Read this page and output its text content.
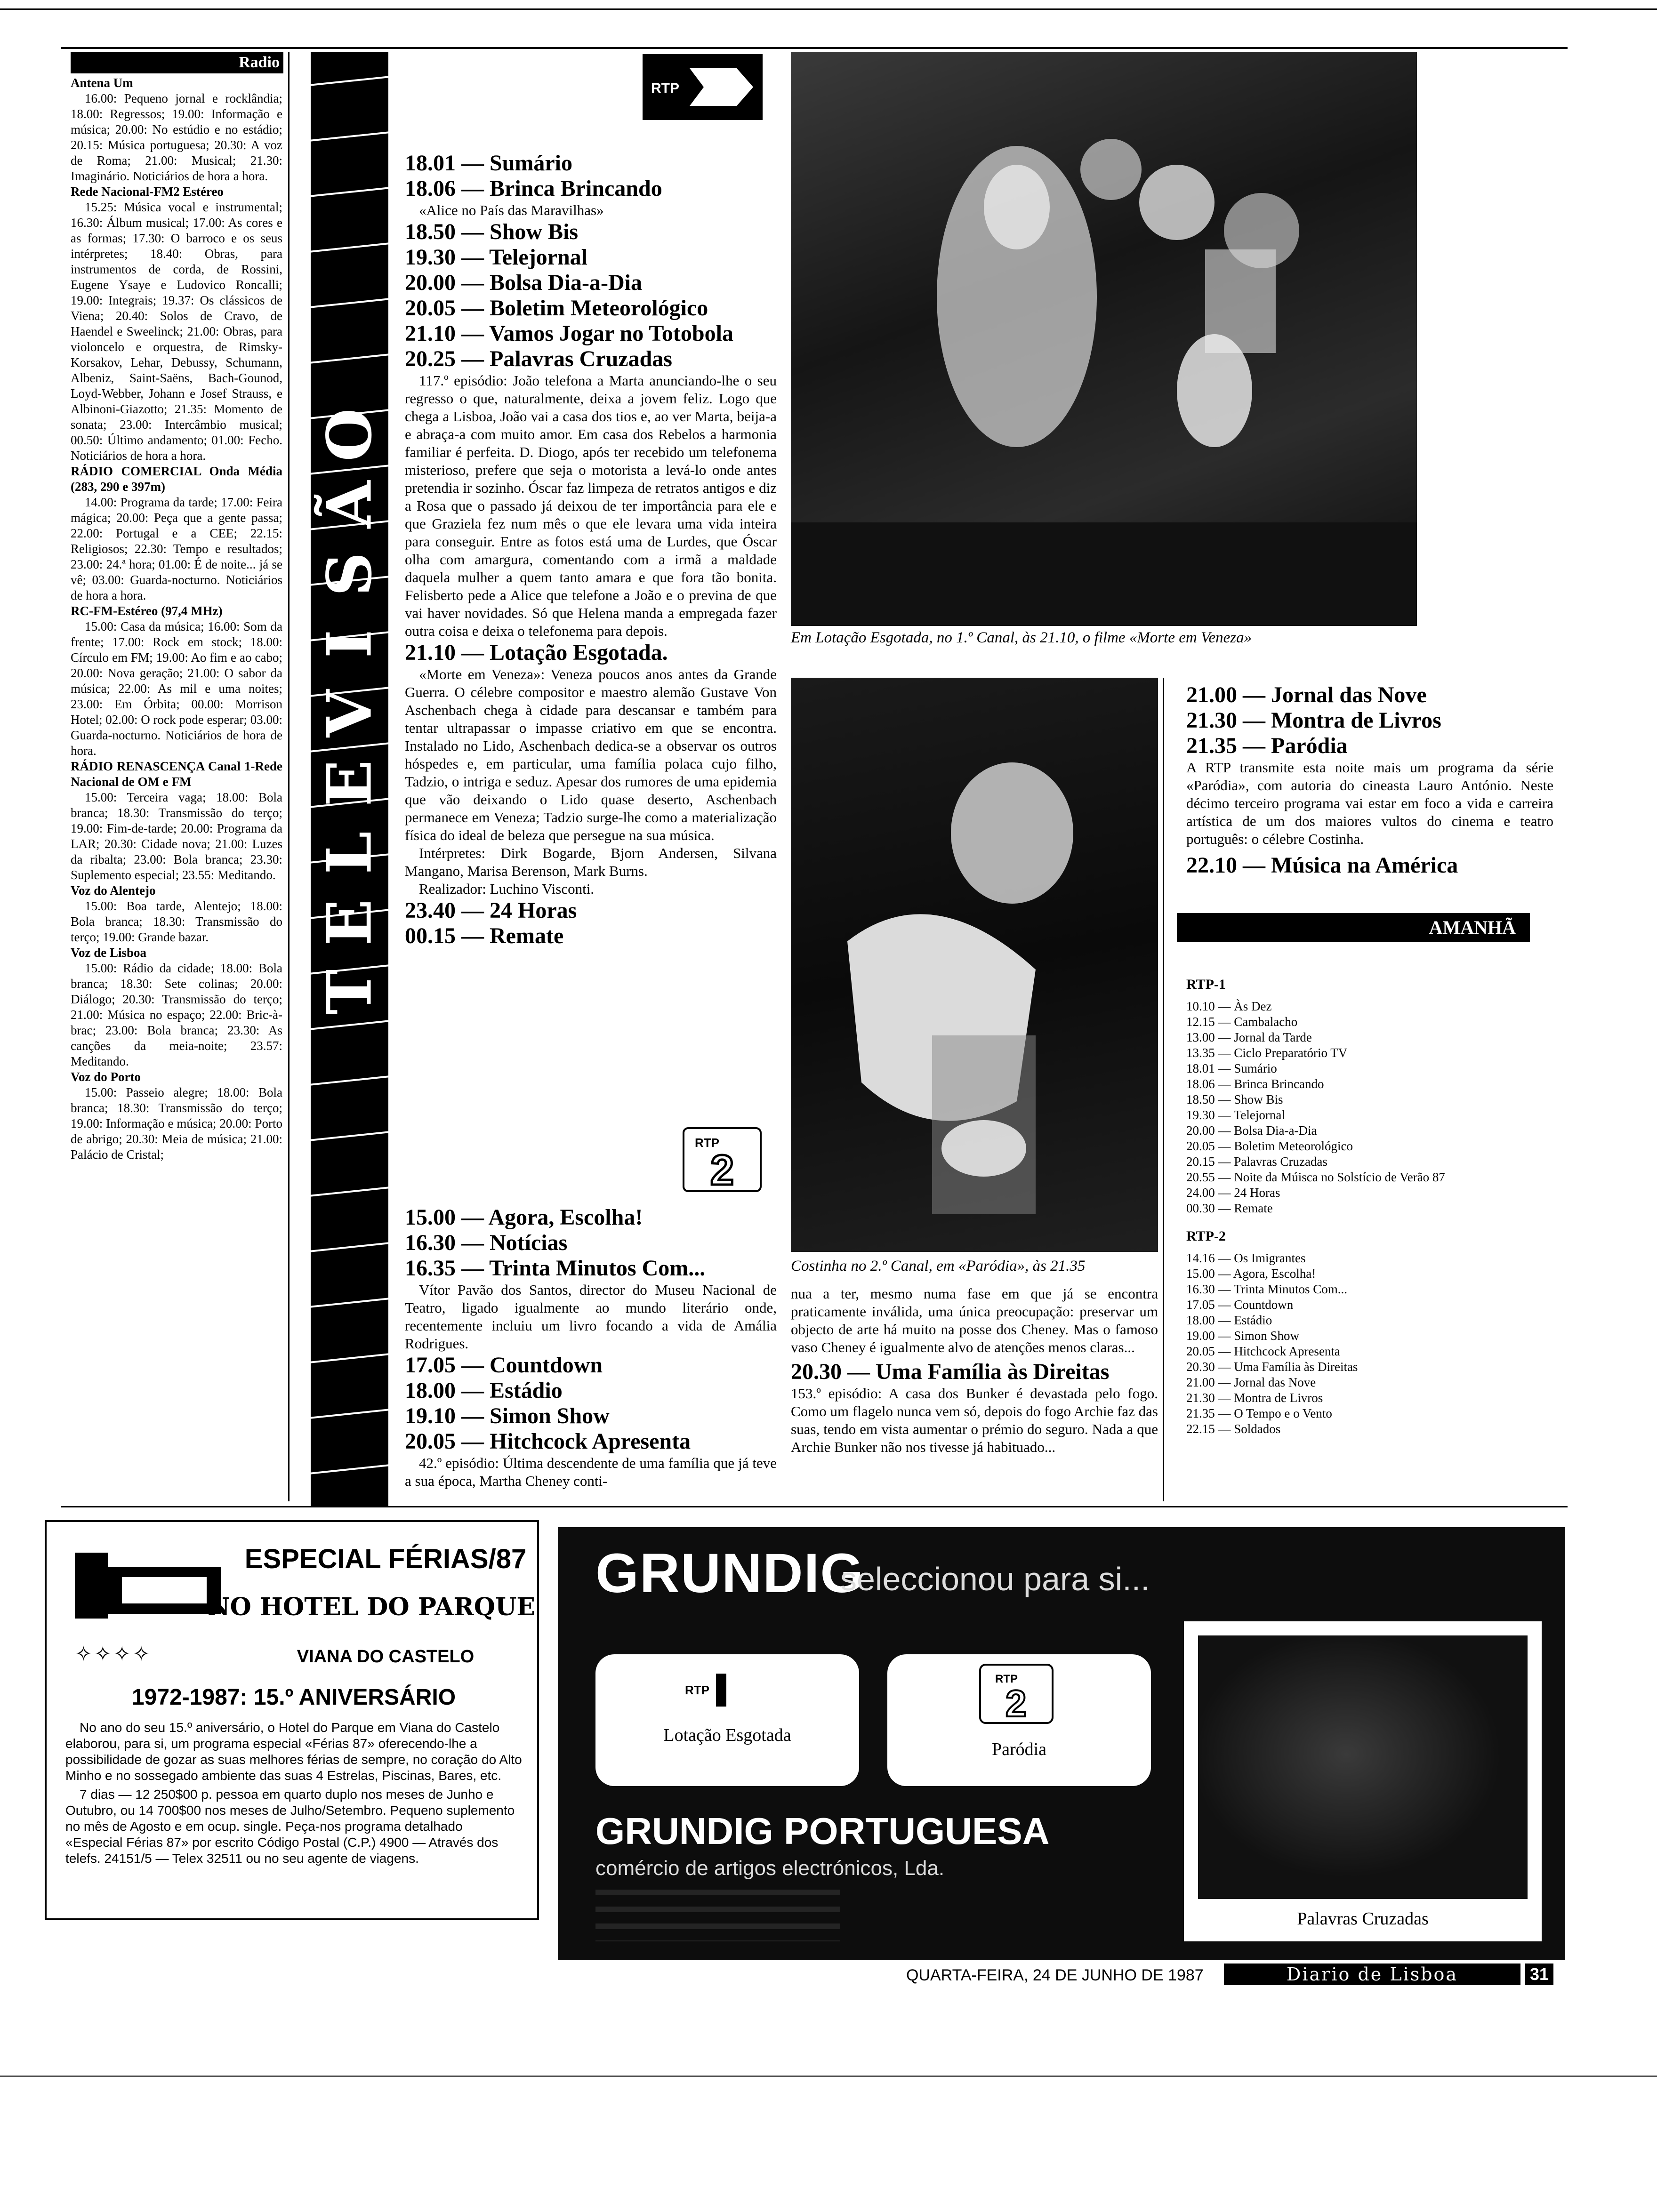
Radio

Antena Um

16.00: Pequeno jornal e rocklândia; 18.00: Regressos; 19.00: Informação e música; 20.00: No estúdio e no estádio; 20.15: Música portuguesa; 20.30: A voz de Roma; 21.00: Musical; 21.30: Imaginário. Noticiários de hora a hora.

Rede Nacional-FM2 Estéreo

15.25: Música vocal e instrumental; 16.30: Álbum musical; 17.00: As cores e as formas; 17.30: O barroco e os seus intérpretes; 18.40: Obras, para instrumentos de corda, de Rossini, Eugene Ysaye e Ludovico Roncalli; 19.00: Integrais; 19.37: Os clássicos de Viena; 20.40: Solos de Cravo, de Haendel e Sweelinck; 21.00: Obras, para violoncelo e orquestra, de Rimsky-Korsakov, Lehar, Debussy, Schumann, Albeniz, Saint-Saëns, Bach-Gounod, Loyd-Webber, Johann e Josef Strauss, e Albinoni-Giazotto; 21.35: Momento de sonata; 23.00: Intercâmbio musical; 00.50: Último andamento; 01.00: Fecho. Noticiários de hora a hora.

RÁDIO COMERCIAL Onda Média (283, 290 e 397m)

14.00: Programa da tarde; 17.00: Feira mágica; 20.00: Peça que a gente passa; 22.00: Portugal e a CEE; 22.15: Religiosos; 22.30: Tempo e resultados; 23.00: 24.ª hora; 01.00: É de noite... já se vê; 03.00: Guarda-nocturno. Noticiários de hora a hora.

RC-FM-Estéreo (97,4 MHz)

15.00: Casa da música; 16.00: Som da frente; 17.00: Rock em stock; 18.00: Círculo em FM; 19.00: Ao fim e ao cabo; 20.00: Nova geração; 21.00: O sabor da música; 22.00: As mil e uma noites; 23.00: Em Órbita; 00.00: Morrison Hotel; 02.00: O rock pode esperar; 03.00: Guarda-nocturno. Noticiários de hora de hora.

RÁDIO RENASCENÇA Canal 1-Rede Nacional de OM e FM

15.00: Terceira vaga; 18.00: Bola branca; 18.30: Transmissão do terço; 19.00: Fim-de-tarde; 20.00: Programa da LAR; 20.30: Cidade nova; 21.00: Luzes da ribalta; 23.00: Bola branca; 23.30: Suplemento especial; 23.55: Meditando.

Voz do Alentejo

15.00: Boa tarde, Alentejo; 18.00: Bola branca; 18.30: Transmissão do terço; 19.00: Grande bazar.

Voz de Lisboa

15.00: Rádio da cidade; 18.00: Bola branca; 18.30: Sete colinas; 20.00: Diálogo; 20.30: Transmissão do terço; 21.00: Música no espaço; 22.00: Bric-à-brac; 23.00: Bola branca; 23.30: As canções da meia-noite; 23.57: Meditando.

Voz do Porto

15.00: Passeio alegre; 18.00: Bola branca; 18.30: Transmissão do terço; 19.00: Informação e música; 20.00: Porto de abrigo; 20.30: Meia de música; 21.00: Palácio de Cristal;

O
Ã
S
I
V
E
L
E
T
RTP

18.01 — Sumário

18.06 — Brinca Brincando

«Alice no País das Maravilhas»

18.50 — Show Bis

19.30 — Telejornal

20.00 — Bolsa Dia-a-Dia

20.05 — Boletim Meteorológico

21.10 — Vamos Jogar no Totobola

20.25 — Palavras Cruzadas

117.º episódio: João telefona a Marta anunciando-lhe o seu regresso o que, naturalmente, deixa a jovem feliz. Logo que chega a Lisboa, João vai a casa dos tios e, ao ver Marta, beija-a e abraça-a com muito amor. Em casa dos Rebelos a harmonia familiar é perfeita. D. Diogo, após ter recebido um telefonema misterioso, prefere que seja o motorista a levá-lo onde antes pretendia ir sozinho. Óscar faz limpeza de retratos antigos e diz a Rosa que o passado já deixou de ter importância para ele e que Graziela fez num mês o que ele levara uma vida inteira para conseguir. Entre as fotos está uma de Lurdes, que Óscar olha com amargura, comentando com a irmã a maldade daquela mulher a quem tanto amara e que fora tão bonita. Felisberto pede a Alice que telefone a João e o previna de que vai haver novidades. Só que Helena manda a empregada fazer outra coisa e deixa o telefonema para depois.

21.10 — Lotação Esgotada.

«Morte em Veneza»: Veneza poucos anos antes da Grande Guerra. O célebre compositor e maestro alemão Gustave Von Aschenbach chega à cidade para descansar e também para tentar ultrapassar o impasse criativo em que se encontra. Instalado no Lido, Aschenbach dedica-se a observar os outros hóspedes e, em particular, uma família polaca cujo filho, Tadzio, o intriga e seduz. Apesar dos rumores de uma epidemia que vão deixando o Lido quase deserto, Aschenbach permanece em Veneza; Tadzio surge-lhe como a materialização física do ideal de beleza que persegue na sua música.

Intérpretes: Dirk Bogarde, Bjorn Andersen, Silvana Mangano, Marisa Berenson, Mark Burns.

Realizador: Luchino Visconti.

23.40 — 24 Horas

00.15 — Remate

RTP
2

15.00 — Agora, Escolha!

16.30 — Notícias

16.35 — Trinta Minutos Com...

Vítor Pavão dos Santos, director do Museu Nacional de Teatro, ligado igualmente ao mundo literário onde, recentemente incluiu um livro focando a vida de Amália Rodrigues.

17.05 — Countdown

18.00 — Estádio

19.10 — Simon Show

20.05 — Hitchcock Apresenta

42.º episódio: Última descendente de uma família que já teve a sua época, Martha Cheney conti-

Em Lotação Esgotada, no 1.º Canal, às 21.10, o filme «Morte em Veneza»
Costinha no 2.º Canal, em «Paródia», às 21.35

nua a ter, mesmo numa fase em que já se encontra praticamente inválida, uma única preocupação: preservar um objecto de arte há muito na posse dos Cheney. Mas o famoso vaso Cheney é igualmente alvo de atenções menos claras...

20.30 — Uma Família às Direitas

153.º episódio: A casa dos Bunker é devastada pelo fogo. Como um flagelo nunca vem só, depois do fogo Archie faz das suas, tendo em vista aumentar o prémio do seguro. Nada a que Archie Bunker não nos tivesse já habituado...

21.00 — Jornal das Nove

21.30 — Montra de Livros

21.35 — Paródia

A RTP transmite esta noite mais um programa da série «Paródia», com autoria do cineasta Lauro António. Neste décimo terceiro programa vai estar em foco a vida e carreira artística de um dos maiores vultos do cinema e teatro português: o célebre Costinha.

22.10 — Música na América

AMANHÃ
RTP-1
10.10 — Às Dez
12.15 — Cambalacho
13.00 — Jornal da Tarde
13.35 — Ciclo Preparatório TV
18.01 — Sumário
18.06 — Brinca Brincando
18.50 — Show Bis
19.30 — Telejornal
20.00 — Bolsa Dia-a-Dia
20.05 — Boletim Meteorológico
20.15 — Palavras Cruzadas
20.55 — Noite da Múisca no Solstício de Verão 87
24.00 — 24 Horas
00.30 — Remate
RTP-2
14.16 — Os Imigrantes
15.00 — Agora, Escolha!
16.30 — Trinta Minutos Com...
17.05 — Countdown
18.00 — Estádio
19.00 — Simon Show
20.05 — Hitchcock Apresenta
20.30 — Uma Família às Direitas
21.00 — Jornal das Nove
21.30 — Montra de Livros
21.35 — O Tempo e o Vento
22.15 — Soldados
ESPECIAL FÉRIAS/87
NO HOTEL DO PARQUE
✧✧✧✧	VIANA DO CASTELO
1972-1987: 15.º ANIVERSÁRIO

No ano do seu 15.º aniversário, o Hotel do Parque em Viana do Castelo elaborou, para si, um programa especial «Férias 87» oferecendo-lhe a possibilidade de gozar as suas melhores férias de sempre, no coração do Alto Minho e no sossegado ambiente das suas 4 Estrelas, Piscinas, Bares, etc.

7 dias — 12 250$00 p. pessoa em quarto duplo nos meses de Junho e Outubro, ou 14 700$00 nos meses de Julho/Setembro. Pequeno suplemento no mês de Agosto e em ocup. single. Peça-nos programa detalhado «Especial Férias 87» por escrito Código Postal (C.P.) 4900 — Através dos telefs. 24151/5 — Telex 32511 ou no seu agente de viagens.

GRUNDIG
seleccionou para si...
RTP
Lotação Esgotada
RTP
2
Paródia
Palavras Cruzadas
GRUNDIG PORTUGUESA
comércio de artigos electrónicos, Lda.
QUARTA-FEIRA, 24 DE JUNHO DE 1987	Diario de Lisboa	31
